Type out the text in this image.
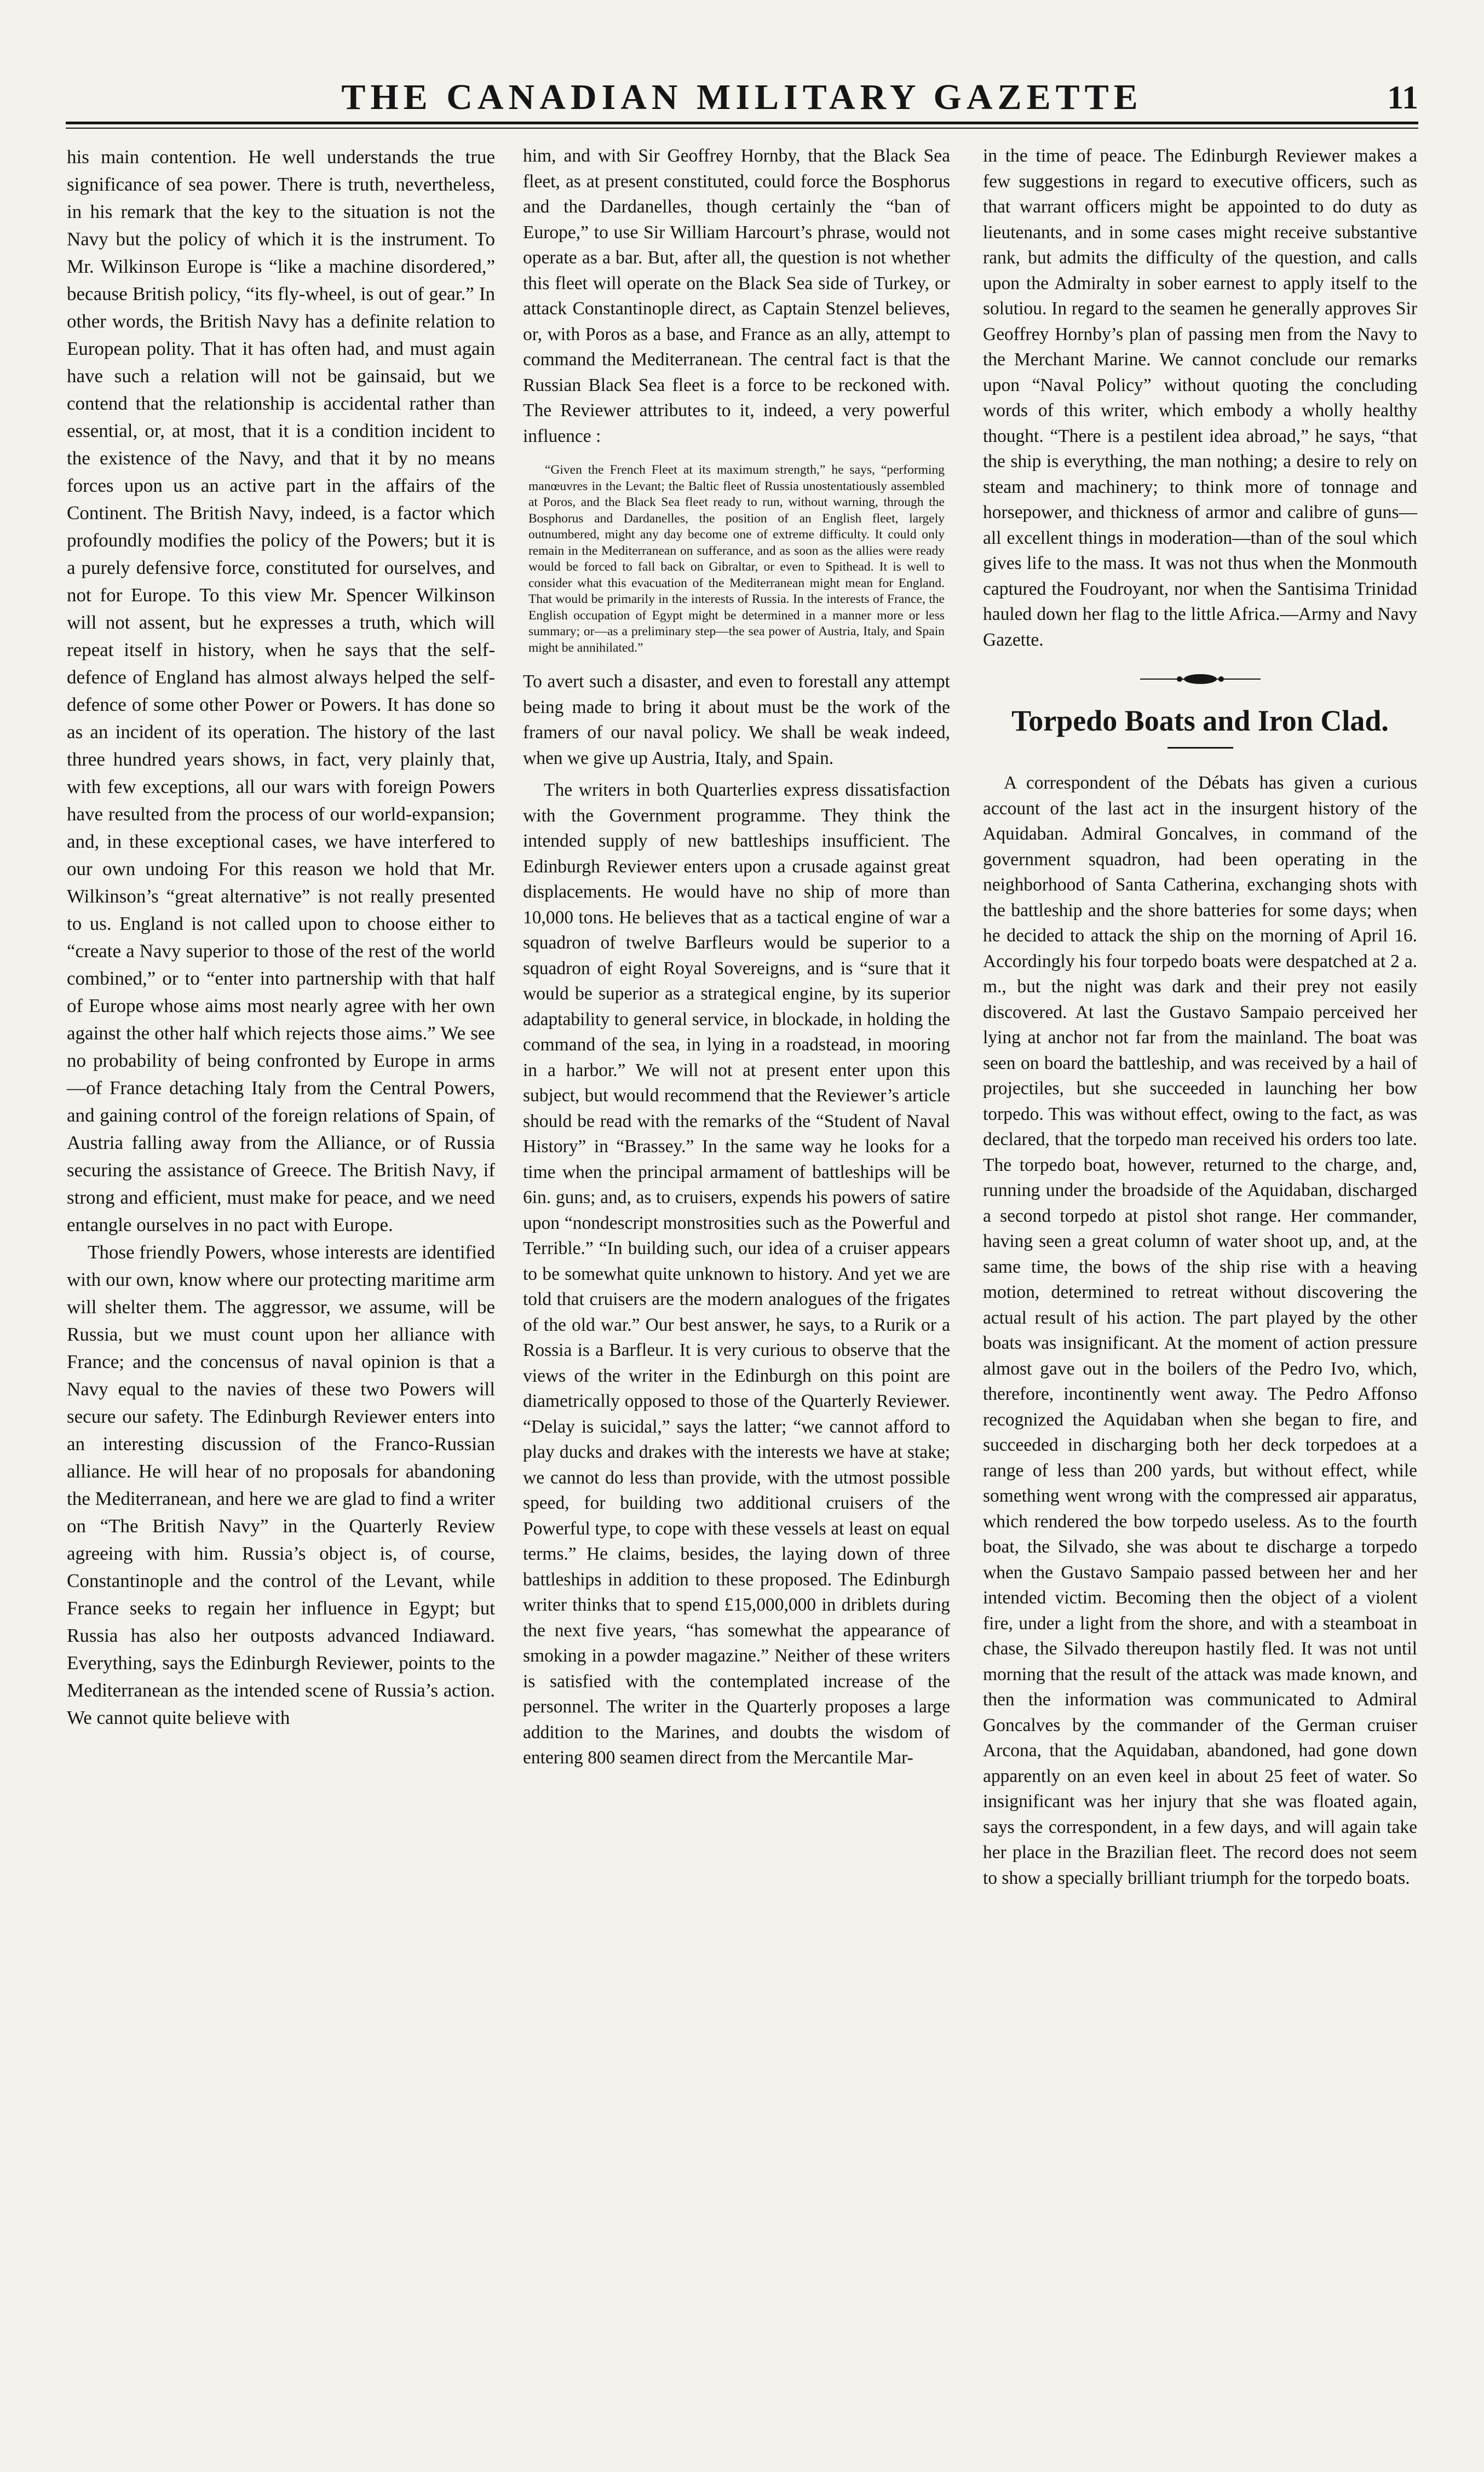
THE CANADIAN MILITARY GAZETTE	11

his main contention. He well understands the true significance of sea power. There is truth, nevertheless, in his remark that the key to the situation is not the Navy but the policy of which it is the instrument. To Mr. Wilkinson Europe is “like a machine disordered,” because British policy, “its fly-wheel, is out of gear.” In other words, the British Navy has a definite relation to European polity. That it has often had, and must again have such a relation will not be gainsaid, but we contend that the relationship is accidental rather than essential, or, at most, that it is a condition incident to the existence of the Navy, and that it by no means forces upon us an active part in the affairs of the Continent. The British Navy, indeed, is a factor which profoundly modifies the policy of the Powers; but it is a purely defensive force, constituted for ourselves, and not for Europe. To this view Mr. Spencer Wilkinson will not assent, but he expresses a truth, which will repeat itself in history, when he says that the self-defence of England has almost always helped the self-defence of some other Power or Powers. It has done so as an incident of its operation. The history of the last three hundred years shows, in fact, very plainly that, with few exceptions, all our wars with foreign Powers have resulted from the process of our world-expansion; and, in these exceptional cases, we have interfered to our own undoing For this reason we hold that Mr. Wilkinson’s “great alternative” is not really presented to us. England is not called upon to choose either to “create a Navy superior to those of the rest of the world combined,” or to “enter into partnership with that half of Europe whose aims most nearly agree with her own against the other half which rejects those aims.” We see no probability of being confronted by Europe in arms—of France detaching Italy from the Central Powers, and gaining control of the foreign relations of Spain, of Austria falling away from the Alliance, or of Russia securing the assistance of Greece. The British Navy, if strong and efficient, must make for peace, and we need entangle ourselves in no pact with Europe.

Those friendly Powers, whose interests are identified with our own, know where our protecting maritime arm will shelter them. The aggressor, we assume, will be Russia, but we must count upon her alliance with France; and the concensus of naval opinion is that a Navy equal to the navies of these two Powers will secure our safety. The Edinburgh Reviewer enters into an interesting discussion of the Franco-Russian alliance. He will hear of no proposals for abandoning the Mediterranean, and here we are glad to find a writer on “The British Navy” in the Quarterly Review agreeing with him. Russia’s object is, of course, Constantinople and the control of the Levant, while France seeks to regain her influence in Egypt; but Russia has also her outposts advanced Indiaward. Everything, says the Edinburgh Reviewer, points to the Mediterranean as the intended scene of Russia’s action. We cannot quite believe with

him, and with Sir Geoffrey Hornby, that the Black Sea fleet, as at present constituted, could force the Bosphorus and the Dardanelles, though certainly the “ban of Europe,” to use Sir William Harcourt’s phrase, would not operate as a bar. But, after all, the question is not whether this fleet will operate on the Black Sea side of Turkey, or attack Constantinople direct, as Captain Stenzel believes, or, with Poros as a base, and France as an ally, attempt to command the Mediterranean. The central fact is that the Russian Black Sea fleet is a force to be reckoned with. The Reviewer attributes to it, indeed, a very powerful influence :

“Given the French Fleet at its maximum strength,” he says, “performing manœuvres in the Levant; the Baltic fleet of Russia unostentatiously assembled at Poros, and the Black Sea fleet ready to run, without warning, through the Bosphorus and Dardanelles, the position of an English fleet, largely outnumbered, might any day become one of extreme difficulty. It could only remain in the Mediterranean on sufferance, and as soon as the allies were ready would be forced to fall back on Gibraltar, or even to Spithead. It is well to consider what this evacuation of the Mediterranean might mean for England. That would be primarily in the interests of Russia. In the interests of France, the English occupation of Egypt might be determined in a manner more or less summary; or—as a preliminary step—the sea power of Austria, Italy, and Spain might be annihilated.”

To avert such a disaster, and even to forestall any attempt being made to bring it about must be the work of the framers of our naval policy. We shall be weak indeed, when we give up Austria, Italy, and Spain.

The writers in both Quarterlies express dissatisfaction with the Government programme. They think the intended supply of new battleships insufficient. The Edinburgh Reviewer enters upon a crusade against great displacements. He would have no ship of more than 10,000 tons. He believes that as a tactical engine of war a squadron of twelve Barfleurs would be superior to a squadron of eight Royal Sovereigns, and is “sure that it would be superior as a strategical engine, by its superior adaptability to general service, in blockade, in holding the command of the sea, in lying in a roadstead, in mooring in a harbor.” We will not at present enter upon this subject, but would recommend that the Reviewer’s article should be read with the remarks of the “Student of Naval History” in “Brassey.” In the same way he looks for a time when the principal armament of battleships will be 6in. guns; and, as to cruisers, expends his powers of satire upon “nondescript monstrosities such as the Powerful and Terrible.” “In building such, our idea of a cruiser appears to be somewhat quite unknown to history. And yet we are told that cruisers are the modern analogues of the frigates of the old war.” Our best answer, he says, to a Rurik or a Rossia is a Barfleur. It is very curious to observe that the views of the writer in the Edinburgh on this point are diametrically opposed to those of the Quarterly Reviewer. “Delay is suicidal,” says the latter; “we cannot afford to play ducks and drakes with the interests we have at stake; we cannot do less than provide, with the utmost possible speed, for building two additional cruisers of the Powerful type, to cope with these vessels at least on equal terms.” He claims, besides, the laying down of three battleships in addition to these proposed. The Edinburgh writer thinks that to spend £15,000,000 in driblets during the next five years, “has somewhat the appearance of smoking in a powder magazine.” Neither of these writers is satisfied with the contemplated increase of the personnel. The writer in the Quarterly proposes a large addition to the Marines, and doubts the wisdom of entering 800 seamen direct from the Mercantile Mar-

in the time of peace. The Edinburgh Reviewer makes a few suggestions in regard to executive officers, such as that warrant officers might be appointed to do duty as lieutenants, and in some cases might receive substantive rank, but admits the difficulty of the question, and calls upon the Admiralty in sober earnest to apply itself to the solutiou. In regard to the seamen he generally approves Sir Geoffrey Hornby’s plan of passing men from the Navy to the Merchant Marine. We cannot conclude our remarks upon “Naval Policy” without quoting the concluding words of this writer, which embody a wholly healthy thought. “There is a pestilent idea abroad,” he says, “that the ship is everything, the man nothing; a desire to rely on steam and machinery; to think more of tonnage and horsepower, and thickness of armor and calibre of guns—all excellent things in moderation—than of the soul which gives life to the mass. It was not thus when the Monmouth captured the Foudroyant, nor when the Santisima Trinidad hauled down her flag to the little Africa.—Army and Navy Gazette.

Torpedo Boats and Iron Clad.

A correspondent of the Débats has given a curious account of the last act in the insurgent history of the Aquidaban. Admiral Goncalves, in command of the government squadron, had been operating in the neighborhood of Santa Catherina, exchanging shots with the battleship and the shore batteries for some days; when he decided to attack the ship on the morning of April 16. Accordingly his four torpedo boats were despatched at 2 a. m., but the night was dark and their prey not easily discovered. At last the Gustavo Sampaio perceived her lying at anchor not far from the mainland. The boat was seen on board the battleship, and was received by a hail of projectiles, but she succeeded in launching her bow torpedo. This was without effect, owing to the fact, as was declared, that the torpedo man received his orders too late. The torpedo boat, however, returned to the charge, and, running under the broadside of the Aquidaban, discharged a second torpedo at pistol shot range. Her commander, having seen a great column of water shoot up, and, at the same time, the bows of the ship rise with a heaving motion, determined to retreat without discovering the actual result of his action. The part played by the other boats was insignificant. At the moment of action pressure almost gave out in the boilers of the Pedro Ivo, which, therefore, incontinently went away. The Pedro Affonso recognized the Aquidaban when she began to fire, and succeeded in discharging both her deck torpedoes at a range of less than 200 yards, but without effect, while something went wrong with the compressed air apparatus, which rendered the bow torpedo useless. As to the fourth boat, the Silvado, she was about te discharge a torpedo when the Gustavo Sampaio passed between her and her intended victim. Becoming then the object of a violent fire, under a light from the shore, and with a steamboat in chase, the Silvado thereupon hastily fled. It was not until morning that the result of the attack was made known, and then the information was communicated to Admiral Goncalves by the commander of the German cruiser Arcona, that the Aquidaban, abandoned, had gone down apparently on an even keel in about 25 feet of water. So insignificant was her injury that she was floated again, says the correspondent, in a few days, and will again take her place in the Brazilian fleet. The record does not seem to show a specially brilliant triumph for the torpedo boats.
